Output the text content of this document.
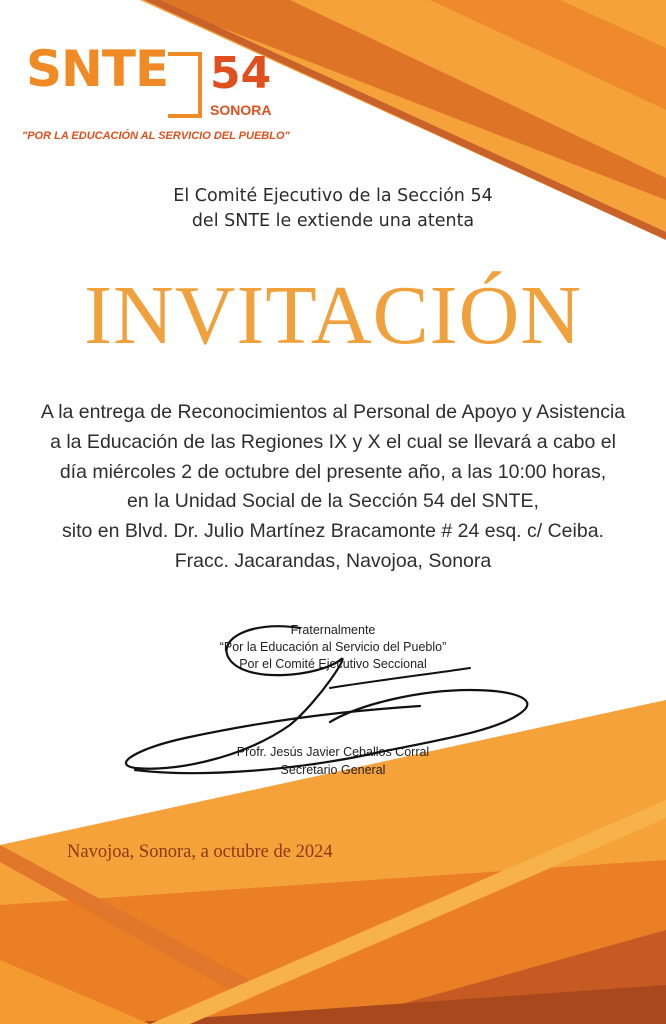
SNTE 54
SONORA
"POR LA EDUCACIÓN AL SERVICIO DEL PUEBLO"
El Comité Ejecutivo de la Sección 54
del SNTE le extiende una atenta
INVITACIÓN
A la entrega de Reconocimientos al Personal de Apoyo y Asistencia
a la Educación de las Regiones IX y X el cual se llevará a cabo el
día miércoles 2 de octubre del presente año, a las 10:00 horas,
en la Unidad Social de la Sección 54 del SNTE,
sito en Blvd. Dr. Julio Martínez Bracamonte # 24 esq. c/ Ceiba.
Fracc. Jacarandas, Navojoa, Sonora
Fraternalmente
“Por la Educación al Servicio del Pueblo”
Por el Comité Ejecutivo Seccional
Profr. Jesús Javier Ceballos Corral
Secretario General
Navojoa, Sonora, a octubre de 2024
